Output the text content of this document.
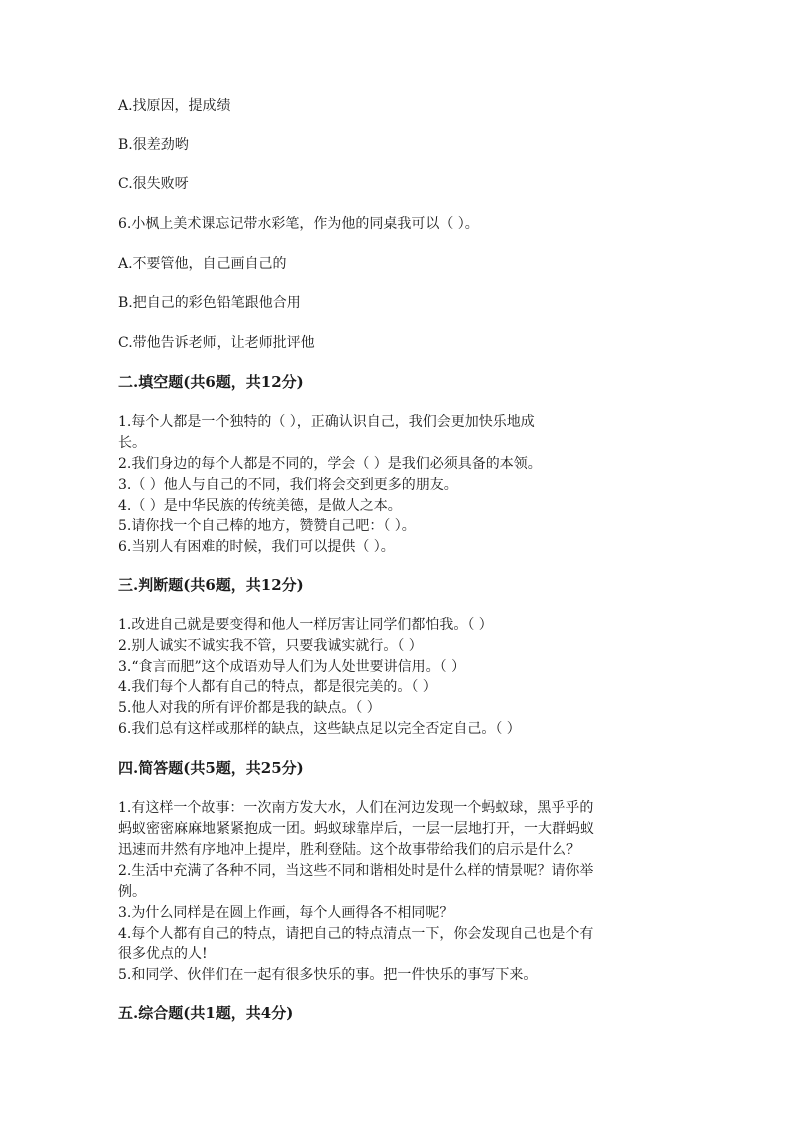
A.找原因，提成绩
B.很差劲哟
C.很失败呀
6.小枫上美术课忘记带水彩笔，作为他的同桌我可以（ ）。
A.不要管他，自己画自己的
B.把自己的彩色铅笔跟他合用
C.带他告诉老师，让老师批评他
二.填空题(共6题，共12分)
1.每个人都是一个独特的（ ），正确认识自己，我们会更加快乐地成
长。
2.我们身边的每个人都是不同的，学会（ ）是我们必须具备的本领。
3.（ ）他人与自己的不同，我们将会交到更多的朋友。
4.（ ）是中华民族的传统美德，是做人之本。
5.请你找一个自己棒的地方，赞赞自己吧：（ ）。
6.当别人有困难的时候，我们可以提供（ ）。
三.判断题(共6题，共12分)
1.改进自己就是要变得和他人一样厉害让同学们都怕我。（ ）
2.别人诚实不诚实我不管，只要我诚实就行。（ ）
3.“食言而肥”这个成语劝导人们为人处世要讲信用。（ ）
4.我们每个人都有自己的特点，都是很完美的。（ ）
5.他人对我的所有评价都是我的缺点。（ ）
6.我们总有这样或那样的缺点，这些缺点足以完全否定自己。（ ）
四.简答题(共5题，共25分)
1.有这样一个故事：一次南方发大水，人们在河边发现一个蚂蚁球，黑乎乎的
蚂蚁密密麻麻地紧紧抱成一团。蚂蚁球靠岸后，一层一层地打开，一大群蚂蚁
迅速而井然有序地冲上提岸，胜利登陆。这个故事带给我们的启示是什么？
2.生活中充满了各种不同，当这些不同和谐相处时是什么样的情景呢？请你举
例。
3.为什么同样是在圆上作画，每个人画得各不相同呢？
4.每个人都有自己的特点，请把自己的特点清点一下，你会发现自己也是个有
很多优点的人!
5.和同学、伙伴们在一起有很多快乐的事。把一件快乐的事写下来。
五.综合题(共1题，共4分)
